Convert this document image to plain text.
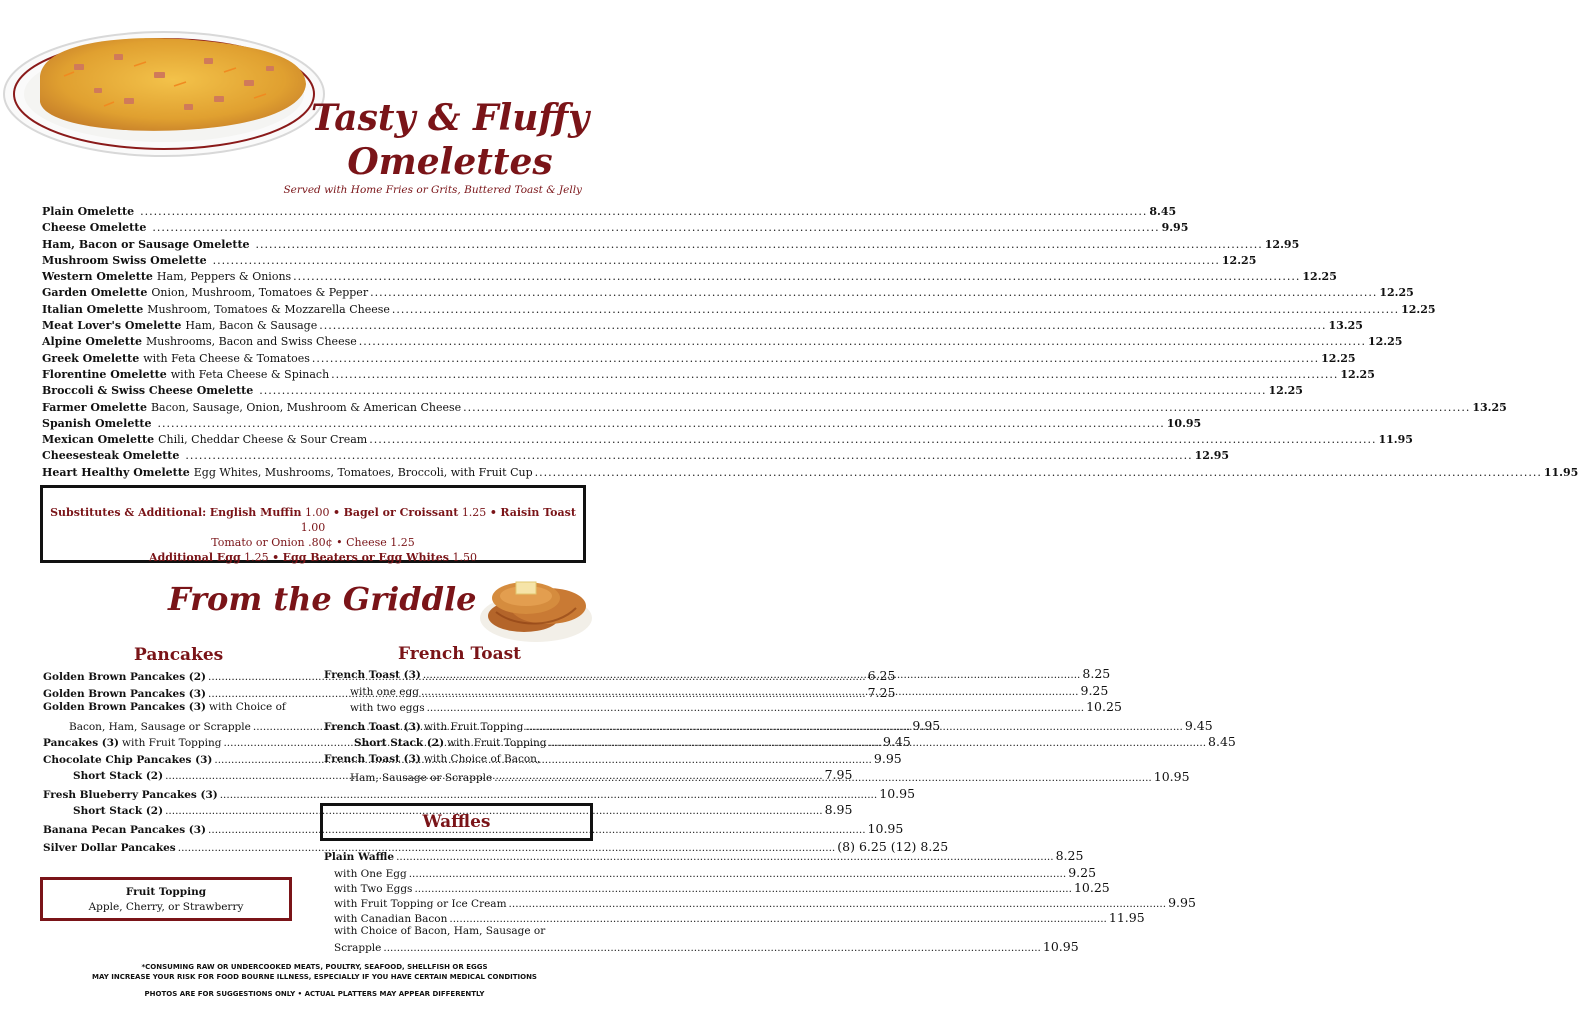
Tasty & Fluffy
Omelettes
Served with Home Fries or Grits, Buttered Toast & Jelly
Plain Omelette .....	8.45
Cheese Omelette .....	9.95
Ham, Bacon or Sausage Omelette .....	12.95
Mushroom Swiss Omelette .....	12.25
Western Omelette Ham, Peppers & Onions .....	12.25
Garden Omelette Onion, Mushroom, Tomatoes & Pepper .....	12.25
Italian Omelette Mushroom, Tomatoes & Mozzarella Cheese .....	12.25
Meat Lover's Omelette Ham, Bacon & Sausage .....	13.25
Alpine Omelette Mushrooms, Bacon and Swiss Cheese .....	12.25
Greek Omelette with Feta Cheese & Tomatoes .....	12.25
Florentine Omelette with Feta Cheese & Spinach .....	12.25
Broccoli & Swiss Cheese Omelette .....	12.25
Farmer Omelette Bacon, Sausage, Onion, Mushroom & American Cheese .....	13.25
Spanish Omelette .....	10.95
Mexican Omelette Chili, Cheddar Cheese & Sour Cream .....	11.95
Cheesesteak Omelette .....	12.95
Heart Healthy Omelette Egg Whites, Mushrooms, Tomatoes, Broccoli, with Fruit Cup .....	11.95
Substitutes & Additional: English Muffin 1.00 • Bagel or Croissant 1.25 • Raisin Toast 1.00
Tomato or Onion .80¢ • Cheese 1.25
Additional Egg 1.25 • Egg Beaters or Egg Whites 1.50
From the Griddle
Pancakes
Golden Brown Pancakes (2) .....	6.25
Golden Brown Pancakes (3) .....	7.25
Golden Brown Pancakes (3) with Choice of
Bacon, Ham, Sausage or Scrapple .....	9.95
Pancakes (3) with Fruit Topping .....	9.45
Chocolate Chip Pancakes (3) .....	9.95
Short Stack (2) .....	7.95
Fresh Blueberry Pancakes (3) .....	10.95
Short Stack (2) .....	8.95
Banana Pecan Pancakes (3) .....	10.95
Silver Dollar Pancakes .....	(8) 6.25 (12) 8.25
French Toast
French Toast (3) .....	8.25
with one egg .....	9.25
with two eggs .....	10.25
French Toast (3) with Fruit Topping .....	9.45
Short Stack (2) with Fruit Topping .....	8.45
French Toast (3) with Choice of Bacon,
Ham, Sausage or Scrapple .....	10.95
Waffles
Plain Waffle .....	8.25
with One Egg .....	9.25
with Two Eggs .....	10.25
with Fruit Topping or Ice Cream .....	9.95
with Canadian Bacon .....	11.95
with Choice of Bacon, Ham, Sausage or
Scrapple .....	10.95
Fruit Topping
Apple, Cherry, or Strawberry
*CONSUMING RAW OR UNDERCOOKED MEATS, POULTRY, SEAFOOD, SHELLFISH OR EGGS
MAY INCREASE YOUR RISK FOR FOOD BOURNE ILLNESS, ESPECIALLY IF YOU HAVE CERTAIN MEDICAL CONDITIONS
PHOTOS ARE FOR SUGGESTIONS ONLY • ACTUAL PLATTERS MAY APPEAR DIFFERENTLY
